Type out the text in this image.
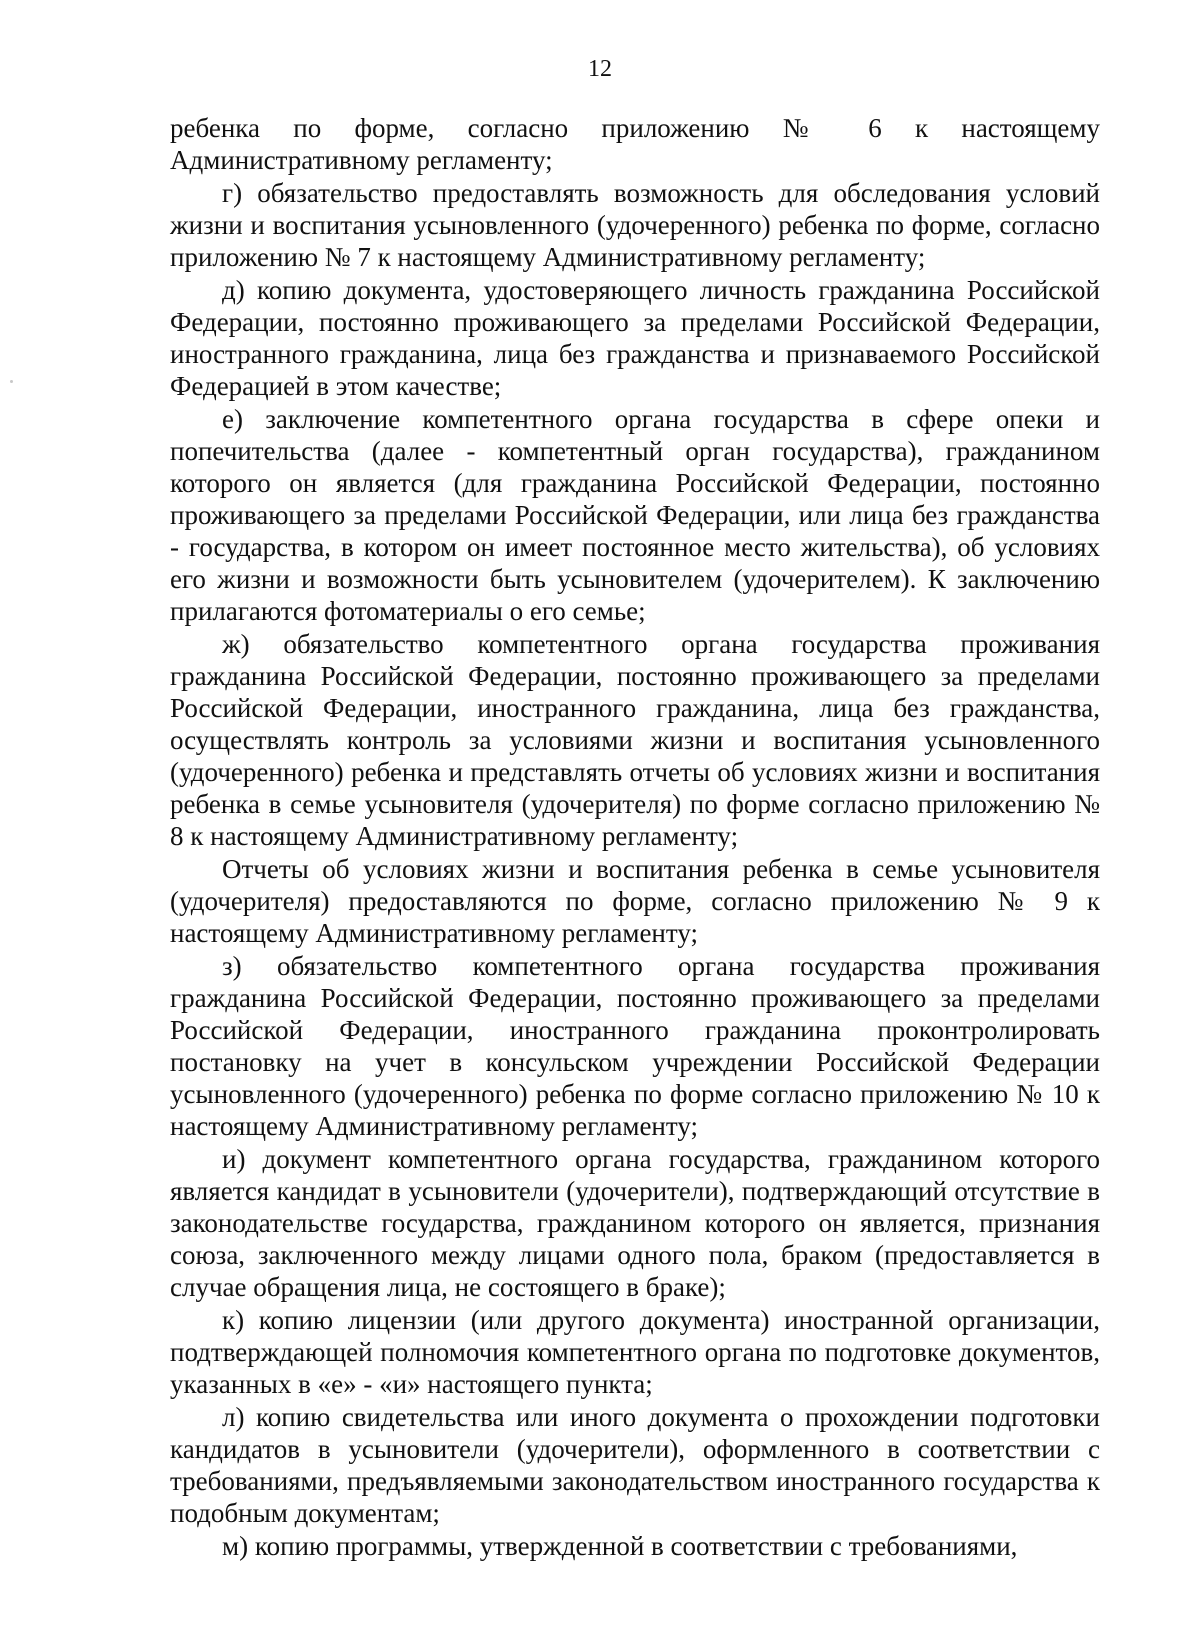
12

ребенка по форме, согласно приложению № 6 к настоящему Административному регламенту;

г) обязательство предоставлять возможность для обследования условий жизни и воспитания усыновленного (удочеренного) ребенка по форме, согласно приложению № 7 к настоящему Административному регламенту;

д) копию документа, удостоверяющего личность гражданина Российской Федерации, постоянно проживающего за пределами Российской Федерации, иностранного гражданина, лица без гражданства и признаваемого Российской Федерацией в этом качестве;

е) заключение компетентного органа государства в сфере опеки и попечительства (далее - компетентный орган государства), гражданином которого он является (для гражданина Российской Федерации, постоянно проживающего за пределами Российской Федерации, или лица без гражданства - государства, в котором он имеет постоянное место жительства), об условиях его жизни и возможности быть усыновителем (удочерителем). К заключению прилагаются фотоматериалы о его семье;

ж) обязательство компетентного органа государства проживания гражданина Российской Федерации, постоянно проживающего за пределами Российской Федерации, иностранного гражданина, лица без гражданства, осуществлять контроль за условиями жизни и воспитания усыновленного (удочеренного) ребенка и представлять отчеты об условиях жизни и воспитания ребенка в семье усыновителя (удочерителя) по форме согласно приложению № 8 к настоящему Административному регламенту;

Отчеты об условиях жизни и воспитания ребенка в семье усыновителя (удочерителя) предоставляются по форме, согласно приложению № 9 к настоящему Административному регламенту;

з) обязательство компетентного органа государства проживания гражданина Российской Федерации, постоянно проживающего за пределами Российской Федерации, иностранного гражданина проконтролировать постановку на учет в консульском учреждении Российской Федерации усыновленного (удочеренного) ребенка по форме согласно приложению № 10 к настоящему Административному регламенту;

и) документ компетентного органа государства, гражданином которого является кандидат в усыновители (удочерители), подтверждающий отсутствие в законодательстве государства, гражданином которого он является, признания союза, заключенного между лицами одного пола, браком (предоставляется в случае обращения лица, не состоящего в браке);

к) копию лицензии (или другого документа) иностранной организации, подтверждающей полномочия компетентного органа по подготовке документов, указанных в «е» - «и» настоящего пункта;

л) копию свидетельства или иного документа о прохождении подготовки кандидатов в усыновители (удочерители), оформленного в соответствии с требованиями, предъявляемыми законодательством иностранного государства к подобным документам;

м) копию программы, утвержденной в соответствии с требованиями,
